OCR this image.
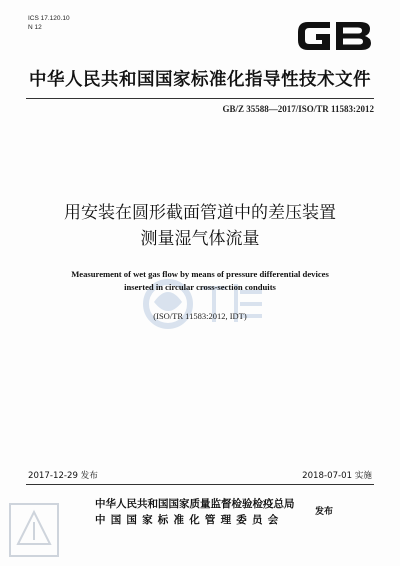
ICS 17.120.10
N 12
中华人民共和国国家标准化指导性技术文件
GB/Z 35588—2017/ISO/TR 11583:2012
用安装在圆形截面管道中的差压装置
测量湿气体流量
Measurement of wet gas flow by means of pressure differential devices
inserted in circular cross-section conduits
(ISO/TR 11583:2012, IDT)
2017-12-29 发布	2018-07-01 实施
中华人民共和国国家质量监督检验检疫总局
中国国家标准化管理委员会
发布
